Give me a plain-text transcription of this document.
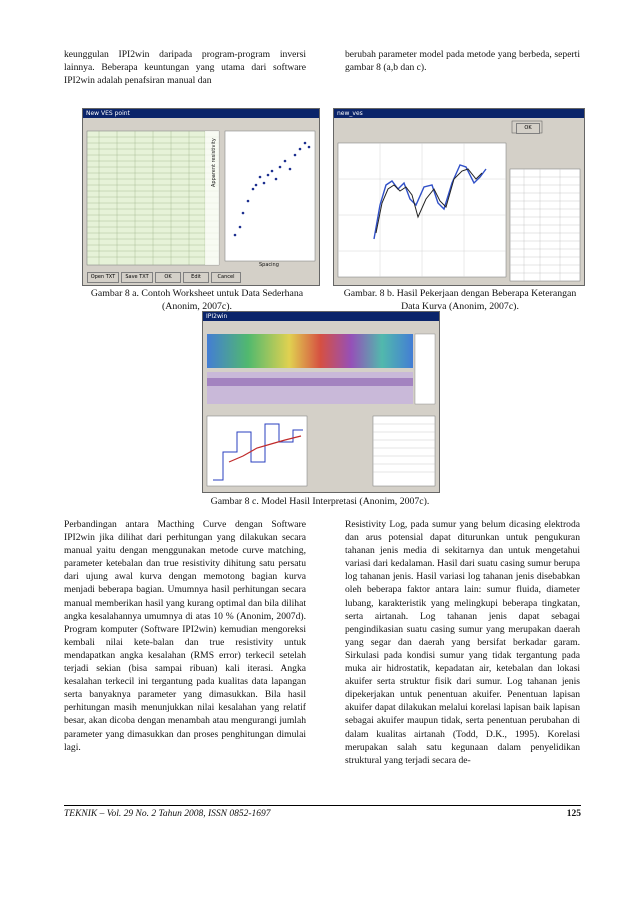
keunggulan IPI2win daripada program-program inversi lainnya. Beberapa keuntungan yang utama dari software IPI2win adalah penafsiran manual dan

berubah parameter model pada metode yang berbeda, seperti gambar 8 (a,b dan c).

New VES point
Spacing
Apparent resistivity
Open TXT	Save TXT	OK	Edit	Cancel
Gambar 8 a. Contoh Worksheet untuk Data Sederhana (Anonim, 2007c).
new_ves
OK
Gambar. 8 b. Hasil Pekerjaan dengan Beberapa Keterangan Data Kurva (Anonim, 2007c).
IPI2win
Gambar 8 c. Model Hasil Interpretasi (Anonim, 2007c).

Perbandingan antara Macthing Curve dengan Software IPI2win jika dilihat dari perhitungan yang dilakukan secara manual yaitu dengan menggunakan metode curve matching, parameter ketebalan dan true resistivity dihitung satu persatu dari ujung awal kurva dengan memotong bagian kurva menjadi beberapa bagian. Umumnya hasil perhitungan secara manual memberikan hasil yang kurang optimal dan bila dilihat angka kesalahannya umumnya di atas 10 % (Anonim, 2007d). Program komputer (Software IPI2win) kemudian mengoreksi kembali nilai kete-balan dan true resistivity untuk mendapatkan angka kesalahan (RMS error) terkecil setelah terjadi sekian (bisa sampai ribuan) kali iterasi. Angka kesalahan terkecil ini tergantung pada kualitas data lapangan serta banyaknya parameter yang dimasukkan. Bila hasil perhitungan masih menunjukkan nilai kesalahan yang relatif besar, akan dicoba dengan menambah atau mengurangi jumlah parameter yang dimasukkan dan proses penghitungan dimulai lagi.

Resistivity Log, pada sumur yang belum dicasing elektroda dan arus potensial dapat diturunkan untuk pengukuran tahanan jenis media di sekitarnya dan untuk mengetahui variasi dari kedalaman. Hasil dari suatu casing sumur berupa log tahanan jenis. Hasil variasi log tahanan jenis disebabkan oleh beberapa faktor antara lain: sumur fluida, diameter lubang, karakteristik yang melingkupi beberapa tingkatan, serta airtanah. Log tahanan jenis dapat sebagai pengindikasian suatu casing sumur yang merupakan daerah yang segar dan daerah yang bersifat berkadar garam. Sirkulasi pada kondisi sumur yang tidak tergantung pada muka air hidrostatik, kepadatan air, ketebalan dan lokasi akuifer serta struktur fisik dari sumur. Log tahanan jenis dipekerjakan untuk penentuan akuifer. Penentuan lapisan akuifer dapat dilakukan melalui korelasi lapisan baik lapisan sebagai akuifer maupun tidak, serta penentuan perubahan di dalam kualitas airtanah (Todd, D.K., 1995). Korelasi merupakan salah satu kegunaan dalam penyelidikan struktural yang terjadi secara de-

TEKNIK – Vol. 29 No. 2 Tahun 2008, ISSN 0852-1697	125
